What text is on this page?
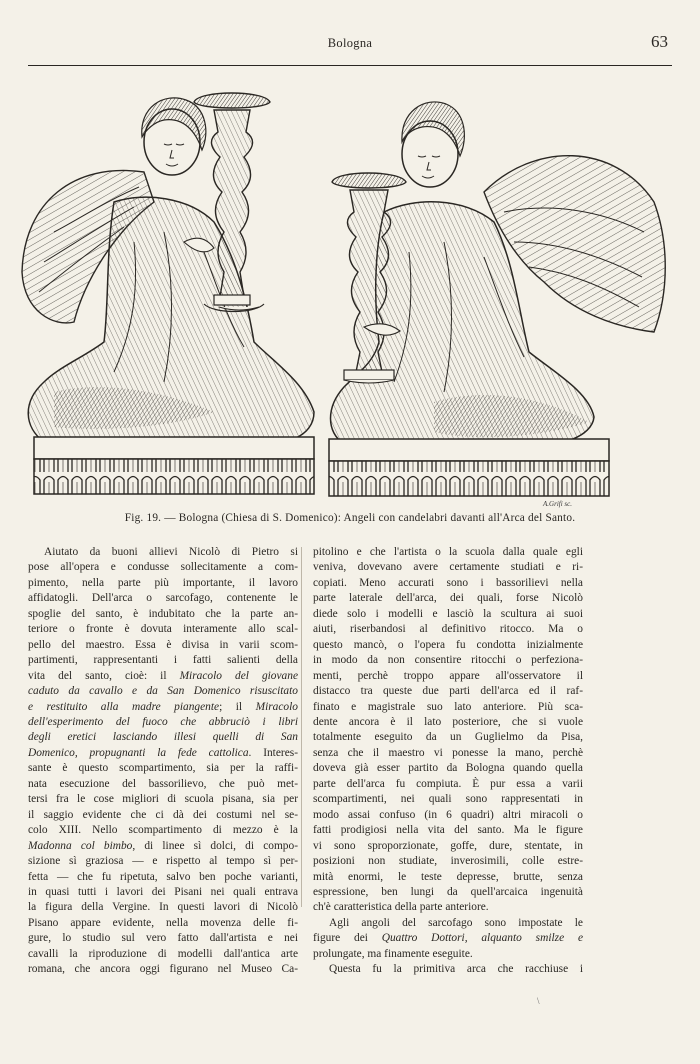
Bologna	63
A.Grifi sc.
Fig. 19. — Bologna (Chiesa di S. Domenico): Angeli con candelabri davanti all'Arca del Santo.
Aiutato da buoni allievi Nicolò di Pietro si
pose all'opera e condusse sollecitamente a com-
pimento, nella parte più importante, il lavoro
affidatogli. Dell'arca o sarcofago, contenente le
spoglie del santo, è indubitato che la parte an-
teriore o fronte è dovuta interamente allo scal-
pello del maestro. Essa è divisa in varii scom-
partimenti, rappresentanti i fatti salienti della
vita del santo, cioè: il Miracolo del giovane
caduto da cavallo e da San Domenico risuscitato
e restituito alla madre piangente; il Miracolo
dell'esperimento del fuoco che abbruciò i libri
degli eretici lasciando illesi quelli di San
Domenico, propugnanti la fede cattolica. Interes-
sante è questo scompartimento, sia per la raffi-
nata esecuzione del bassorilievo, che può met-
tersi fra le cose migliori di scuola pisana, sia per
il saggio evidente che ci dà dei costumi nel se-
colo XIII. Nello scompartimento di mezzo è la
Madonna col bimbo, di linee sì dolci, di compo-
sizione sì graziosa — e rispetto al tempo sì per-
fetta — che fu ripetuta, salvo ben poche varianti,
in quasi tutti i lavori dei Pisani nei quali entrava
la figura della Vergine. In questi lavori di Nicolò
Pisano appare evidente, nella movenza delle fi-
gure, lo studio sul vero fatto dall'artista e nei
cavalli la riproduzione di modelli dall'antica arte
romana, che ancora oggi figurano nel Museo Ca-
pitolino e che l'artista o la scuola dalla quale egli
veniva, dovevano avere certamente studiati e ri-
copiati. Meno accurati sono i bassorilievi nella
parte laterale dell'arca, dei quali, forse Nicolò
diede solo i modelli e lasciò la scultura ai suoi
aiuti, riserbandosi al definitivo ritocco. Ma o
questo mancò, o l'opera fu condotta inizialmente
in modo da non consentire ritocchi o perfeziona-
menti, perchè troppo appare all'osservatore il
distacco tra queste due parti dell'arca ed il raf-
finato e magistrale suo lato anteriore. Più sca-
dente ancora è il lato posteriore, che si vuole
totalmente eseguito da un Guglielmo da Pisa,
senza che il maestro vi ponesse la mano, perchè
doveva già esser partito da Bologna quando quella
parte dell'arca fu compiuta. È pur essa a varii
scompartimenti, nei quali sono rappresentati in
modo assai confuso (in 6 quadri) altri miracoli o
fatti prodigiosi nella vita del santo. Ma le figure
vi sono sproporzionate, goffe, dure, stentate, in
posizioni non studiate, inverosimili, colle estre-
mità enormi, le teste depresse, brutte, senza
espressione, ben lungi da quell'arcaica ingenuità
ch'è caratteristica della parte anteriore.
Agli angoli del sarcofago sono impostate le
figure dei Quattro Dottori, alquanto smilze e
prolungate, ma finamente eseguite.
Questa fu la primitiva arca che racchiuse i
\
